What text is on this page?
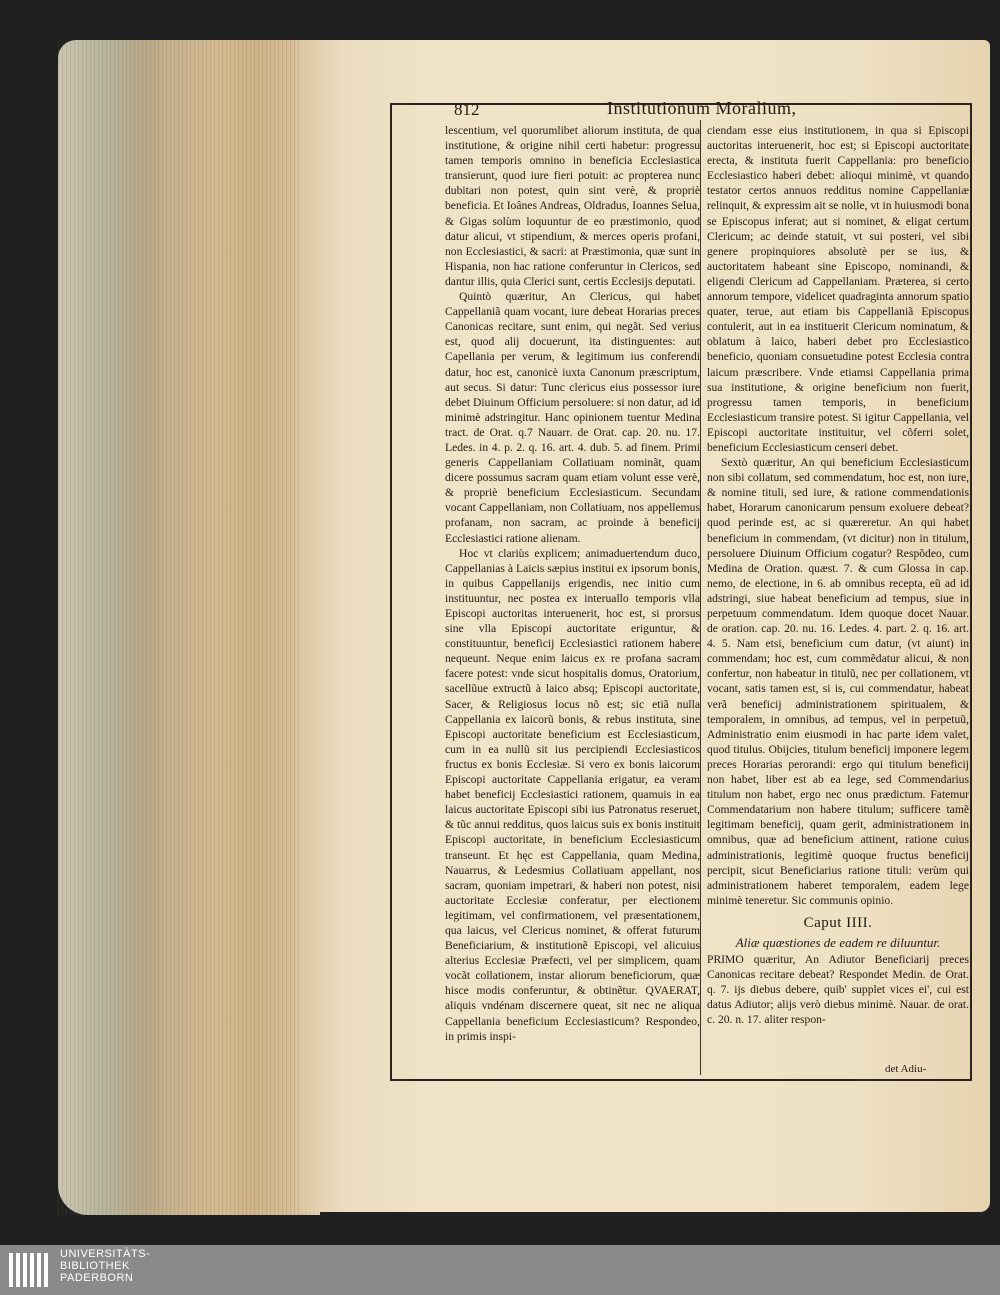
812	Institutionum Moralium,

lescentium, vel quorumlibet aliorum instituta, de qua institutione, & origine nihil certi habetur: progressu tamen temporis omnino in beneficia Ecclesiastica transierunt, quod iure fieri potuit: ac propterea nunc dubitari non potest, quin sint verè, & propriè beneficia. Et Ioânes Andreas, Oldradus, Ioannes Selua, & Gigas solùm loquuntur de eo præstimonio, quod datur alicui, vt stipendium, & merces operis profani, non Ecclesiastici, & sacri: at Præstimonia, quæ sunt in Hispania, non hac ratione conferuntur in Clericos, sed dantur illis, quia Clerici sunt, certis Ecclesijs deputati.

Quintò quæritur, An Clericus, qui habet Cappellaniã quam vocant, iure debeat Horarias preces Canonicas recitare, sunt enim, qui negãt. Sed verius est, quod alij docuerunt, ita distinguentes: aut Capellania per verum, & legitimum ius conferendi datur, hoc est, canonicè iuxta Canonum præscriptum, aut secus. Si datur: Tunc clericus eius possessor iure debet Diuinum Officium persoluere: si non datur, ad id minimè adstringitur. Hanc opinionem tuentur Medina tract. de Orat. q.7 Nauarr. de Orat. cap. 20. nu. 17. Ledes. in 4. p. 2. q. 16. art. 4. dub. 5. ad finem. Primi generis Cappellaniam Collatiuam nominãt, quam dicere possumus sacram quam etiam volunt esse verè, & propriè beneficium Ecclesiasticum. Secundam vocant Cappellaniam, non Collatiuam, nos appellemus profanam, non sacram, ac proinde à beneficij Ecclesiastici ratione alienam.

Hoc vt clariùs explicem; animaduertendum duco, Cappellanias à Laicis sæpius institui ex ipsorum bonis, in quibus Cappellanijs erigendis, nec initio cum instituuntur, nec postea ex interuallo temporis vlla Episcopi auctoritas interuenerit, hoc est, si prorsus sine vlla Episcopi auctoritate eriguntur, & constituuntur, beneficij Ecclesiastici rationem habere nequeunt. Neque enim laicus ex re profana sacram facere potest: vnde sicut hospitalis domus, Oratorium, sacellũue extructũ à laico absq; Episcopi auctoritate, Sacer, & Religiosus locus nõ est; sic etiã nulla Cappellania ex laicorũ bonis, & rebus instituta, sine Episcopi auctoritate beneficium est Ecclesiasticum, cum in ea nullũ sit ius percipiendi Ecclesiasticos fructus ex bonis Ecclesiæ. Si vero ex bonis laicorum Episcopi auctoritate Cappellania erigatur, ea veram habet beneficij Ecclesiastici rationem, quamuis in ea laicus auctoritate Episcopi sibi ius Patronatus reseruet, & tũc annui redditus, quos laicus suis ex bonis instituit Episcopi auctoritate, in beneficium Ecclesiasticum transeunt. Et hęc est Cappellania, quam Medina, Nauarrus, & Ledesmius Collatiuam appellant, nos sacram, quoniam impetrari, & haberi non potest, nisi auctoritate Ecclesiæ conferatur, per electionem legitimam, vel confirmationem, vel præsentationem, qua laicus, vel Clericus nominet, & offerat futurum Beneficiarium, & institutionẽ Episcopi, vel alicuius alterius Ecclesiæ Præfecti, vel per simplicem, quam vocãt collationem, instar aliorum beneficiorum, quæ hisce modis conferuntur, & obtinẽtur. QVAERAT, aliquis vndénam discernere queat, sit nec ne aliqua Cappellania beneficium Ecclesiasticum? Respondeo, in primis inspi-

ciendam esse eius institutionem, in qua si Episcopi auctoritas interuenerit, hoc est; si Episcopi auctoritate erecta, & instituta fuerit Cappellania: pro beneficio Ecclesiastico haberi debet: alioqui minimè, vt quando testator certos annuos redditus nomine Cappellaniæ relinquit, & expressim ait se nolle, vt in huiusmodi bona se Episcopus inferat; aut si nominet, & eligat certum Clericum; ac deinde statuit, vt sui posteri, vel sibi genere propinquiores absolutè per se ius, & auctoritatem habeant sine Episcopo, nominandi, & eligendi Clericum ad Cappellaniam. Præterea, si certo annorum tempore, videlicet quadraginta annorum spatio quater, terue, aut etiam bis Cappellaniã Episcopus contulerit, aut in ea instituerit Clericum nominatum, & oblatum à laico, haberi debet pro Ecclesiastico beneficio, quoniam consuetudine potest Ecclesia contra laicum præscribere. Vnde etiamsi Cappellania prima sua institutione, & origine beneficium non fuerit, progressu tamen temporis, in beneficium Ecclesiasticum transire potest. Si igitur Cappellania, vel Episcopi auctoritate instituitur, vel cõferri solet, beneficium Ecclesiasticum censeri debet.

Sextò quæritur, An qui beneficium Ecclesiasticum non sibi collatum, sed commendatum, hoc est, non iure, & nomine tituli, sed iure, & ratione commendationis habet, Horarum canonicarum pensum exoluere debeat? quod perinde est, ac si quæreretur. An qui habet beneficium in commendam, (vt dicitur) non in titulum, persoluere Diuinum Officium cogatur? Respõdeo, cum Medina de Oration. quæst. 7. & cum Glossa in cap. nemo, de electione, in 6. ab omnibus recepta, eũ ad id adstringi, siue habeat beneficium ad tempus, siue in perpetuum commendatum. Idem quoque docet Nauar. de oration. cap. 20. nu. 16. Ledes. 4. part. 2. q. 16. art. 4. 5. Nam etsi, beneficium cum datur, (vt aiunt) in commendam; hoc est, cum commẽdatur alicui, & non confertur, non habeatur in titulũ, nec per collationem, vt vocant, satis tamen est, si is, cui commendatur, habeat verã beneficij administrationem spiritualem, & temporalem, in omnibus, ad tempus, vel in perpetuũ, Administratio enim eiusmodi in hac parte idem valet, quod titulus. Obijcies, titulum beneficij imponere legem preces Horarias perorandi: ergo qui titulum beneficij non habet, liber est ab ea lege, sed Commendarius titulum non habet, ergo nec onus prædictum. Fatemur Commendatarium non habere titulum; sufficere tamẽ legitimam beneficij, quam gerit, administrationem in omnibus, quæ ad beneficium attinent, ratione cuius administrationis, legitimè quoque fructus beneficij percipit, sicut Beneficiarius ratione tituli: verùm qui administrationem haberet temporalem, eadem lege minimè teneretur. Sic communis opinio.

Caput IIII.
Aliæ quæstiones de eadem re diluuntur.

PRIMO quæritur, An Adiutor Beneficiarij preces Canonicas recitare debeat? Respondet Medin. de Orat. q. 7. ijs diebus debere, quib' supplet vices ei', cui est datus Adiutor; alijs verò diebus minimè. Nauar. de orat. c. 20. n. 17. aliter respon-

det Adiu-
UNIVERSITÄTS-
BIBLIOTHEK
PADERBORN
